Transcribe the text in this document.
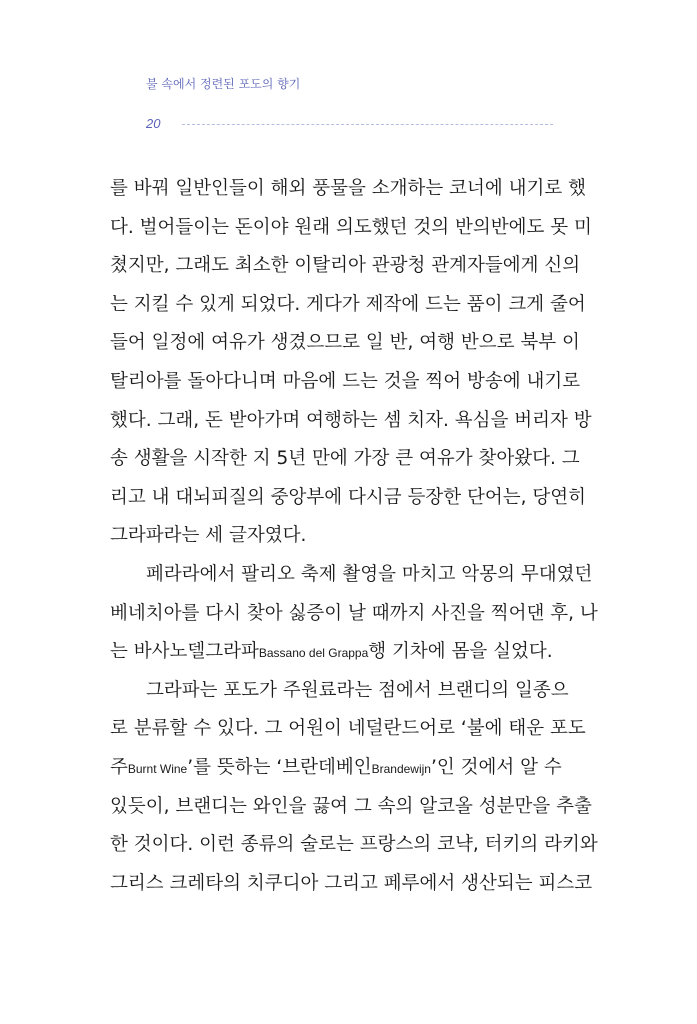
불 속에서 정련된 포도의 향기
20
를 바꿔 일반인들이 해외 풍물을 소개하는 코너에 내기로 했
다. 벌어들이는 돈이야 원래 의도했던 것의 반의반에도 못 미
쳤지만, 그래도 최소한 이탈리아 관광청 관계자들에게 신의
는 지킬 수 있게 되었다. 게다가 제작에 드는 품이 크게 줄어
들어 일정에 여유가 생겼으므로 일 반, 여행 반으로 북부 이
탈리아를 돌아다니며 마음에 드는 것을 찍어 방송에 내기로
했다. 그래, 돈 받아가며 여행하는 셈 치자. 욕심을 버리자 방
송 생활을 시작한 지 5년 만에 가장 큰 여유가 찾아왔다. 그
리고 내 대뇌피질의 중앙부에 다시금 등장한 단어는, 당연히
그라파라는 세 글자였다.
페라라에서 팔리오 축제 촬영을 마치고 악몽의 무대였던
베네치아를 다시 찾아 싫증이 날 때까지 사진을 찍어댄 후, 나
는 바사노델그라파Bassano del Grappa행 기차에 몸을 실었다.
그라파는 포도가 주원료라는 점에서 브랜디의 일종으
로 분류할 수 있다. 그 어원이 네덜란드어로 ‘불에 태운 포도
주Burnt Wine’를 뜻하는 ‘브란데베인Brandewijn’인 것에서 알 수
있듯이, 브랜디는 와인을 끓여 그 속의 알코올 성분만을 추출
한 것이다. 이런 종류의 술로는 프랑스의 코냑, 터키의 라키와
그리스 크레타의 치쿠디아 그리고 페루에서 생산되는 피스코
